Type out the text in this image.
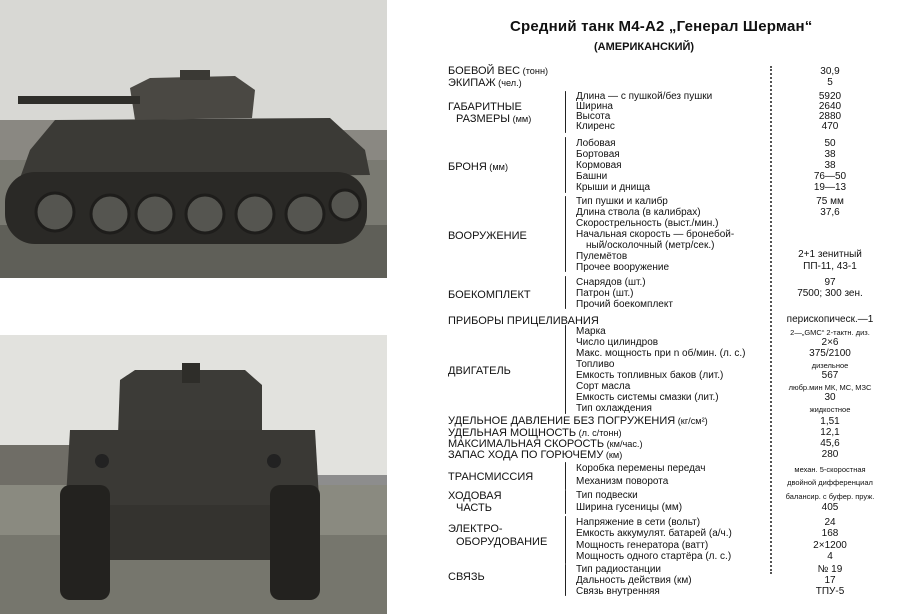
Средний танк М4-А2 „Генерал Шерман“
(АМЕРИКАНСКИЙ)
БОЕВОЙ ВЕС (тонн)
ЭКИПАЖ (чел.)
ГАБАРИТНЫЕ
РАЗМЕРЫ (мм)
БРОНЯ (мм)
ВООРУЖЕНИЕ
БОЕКОМПЛЕКТ
ПРИБОРЫ ПРИЦЕЛИВАНИЯ
ДВИГАТЕЛЬ
УДЕЛЬНОЕ ДАВЛЕНИЕ БЕЗ ПОГРУЖЕНИЯ (кг/см²)
УДЕЛЬНАЯ МОЩНОСТЬ (л. с/тонн)
МАКСИМАЛЬНАЯ СКОРОСТЬ (км/час.)
ЗАПАС ХОДА ПО ГОРЮЧЕМУ (км)
ТРАНСМИССИЯ
ХОДОВАЯ
ЧАСТЬ
ЭЛЕКТРО-
ОБОРУДОВАНИЕ
СВЯЗЬ
Длина — с пушкой/без пушки
Ширина
Высота
Клиренс
Лобовая
Бортовая
Кормовая
Башни
Крыши и днища
Тип пушки и калибр
Длина ствола (в калибрах)
Скорострельность (выст./мин.)
Начальная скорость — бронебой-
ный/осколочный (метр/сек.)
Пулемётов
Прочее вооружение
Снарядов (шт.)
Патрон (шт.)
Прочий боекомплект
Марка
Число цилиндров
Макс. мощность при n об/мин. (л. с.)
Топливо
Емкость топливных баков (лит.)
Сорт масла
Емкость системы смазки (лит.)
Тип охлаждения
Коробка перемены передач
Механизм поворота
Тип подвески
Ширина гусеницы (мм)
Напряжение в сети (вольт)
Емкость аккумулят. батарей (а/ч.)
Мощность генератора (ватт)
Мощность одного стартёра (л. с.)
Тип радиостанции
Дальность действия (км)
Связь внутренняя
30,9
5
5920
2640
2880
470
50
38
38
76—50
19—13
75 мм
37,6
2+1 зенитный
ПП-11, 43-1
97
7500; 300 зен.
перископическ.—1
2—„GMC“ 2-тактн. диз.
2×6
375/2100
дизельное
567
любр.мин МК, МС, МЗС
30
жидкостное
1,51
12,1
45,6
280
механ. 5-скоростная
двойной дифференциал
балансир. с буфер. пруж.
405
24
168
2×1200
4
№ 19
17
ТПУ-5
